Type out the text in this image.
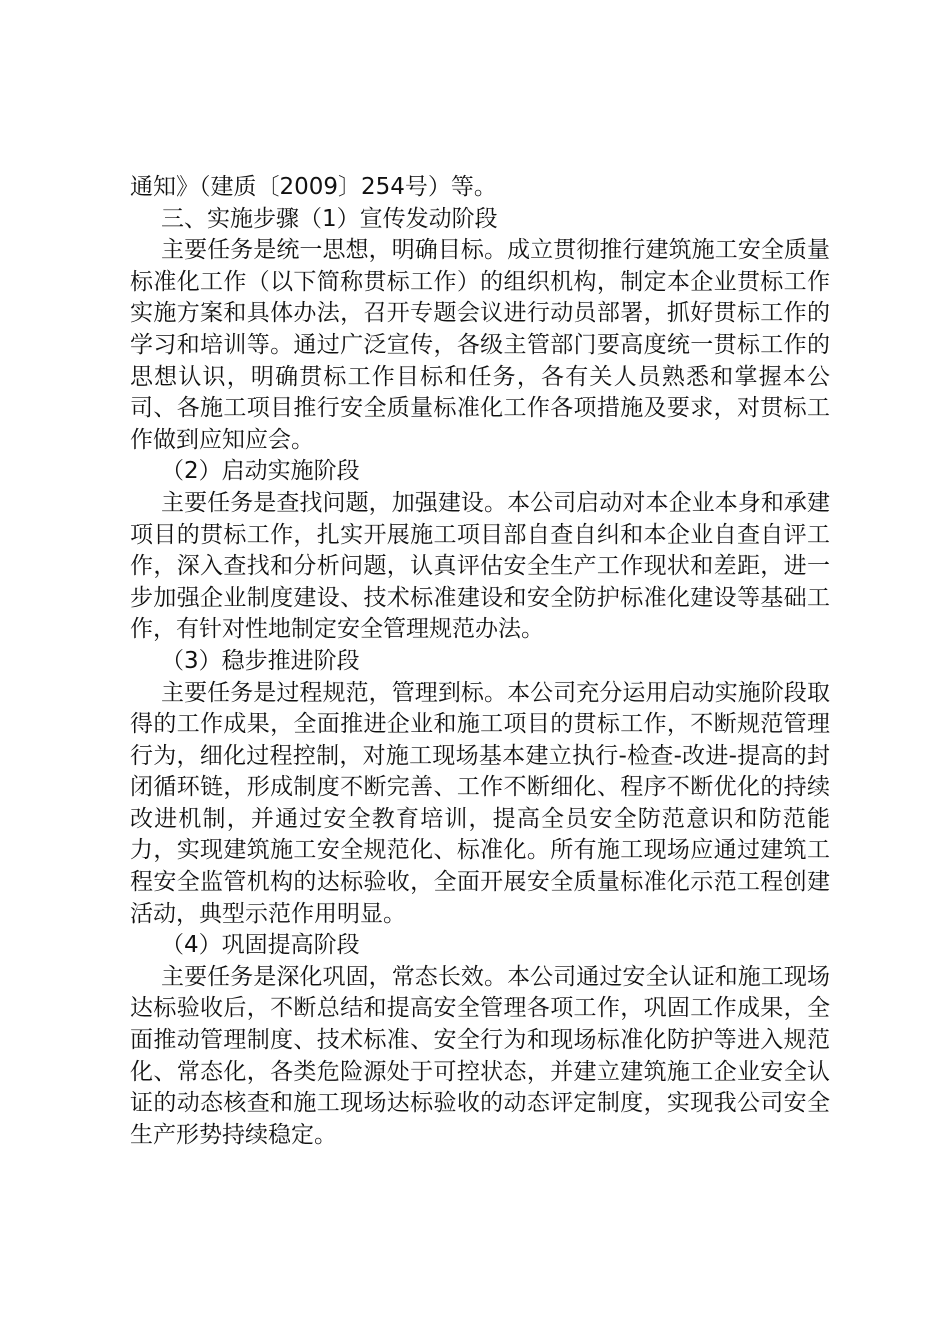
通知》（建质〔2009〕254号）等。

三、实施步骤（1）宣传发动阶段

主要任务是统一思想，明确目标。成立贯彻推行建筑施工安全质量标准化工作（以下简称贯标工作）的组织机构，制定本企业贯标工作实施方案和具体办法，召开专题会议进行动员部署，抓好贯标工作的学习和培训等。通过广泛宣传，各级主管部门要高度统一贯标工作的思想认识，明确贯标工作目标和任务，各有关人员熟悉和掌握本公司、各施工项目推行安全质量标准化工作各项措施及要求，对贯标工作做到应知应会。

（2）启动实施阶段

主要任务是查找问题，加强建设。本公司启动对本企业本身和承建项目的贯标工作，扎实开展施工项目部自查自纠和本企业自查自评工作，深入查找和分析问题，认真评估安全生产工作现状和差距，进一步加强企业制度建设、技术标准建设和安全防护标准化建设等基础工作，有针对性地制定安全管理规范办法。

（3）稳步推进阶段

主要任务是过程规范，管理到标。本公司充分运用启动实施阶段取得的工作成果，全面推进企业和施工项目的贯标工作，不断规范管理行为，细化过程控制，对施工现场基本建立执行-检查-改进-提高的封闭循环链，形成制度不断完善、工作不断细化、程序不断优化的持续改进机制，并通过安全教育培训，提高全员安全防范意识和防范能力，实现建筑施工安全规范化、标准化。所有施工现场应通过建筑工程安全监管机构的达标验收，全面开展安全质量标准化示范工程创建活动，典型示范作用明显。

（4）巩固提高阶段

主要任务是深化巩固，常态长效。本公司通过安全认证和施工现场达标验收后，不断总结和提高安全管理各项工作，巩固工作成果，全面推动管理制度、技术标准、安全行为和现场标准化防护等进入规范化、常态化，各类危险源处于可控状态，并建立建筑施工企业安全认证的动态核查和施工现场达标验收的动态评定制度，实现我公司安全生产形势持续稳定。
